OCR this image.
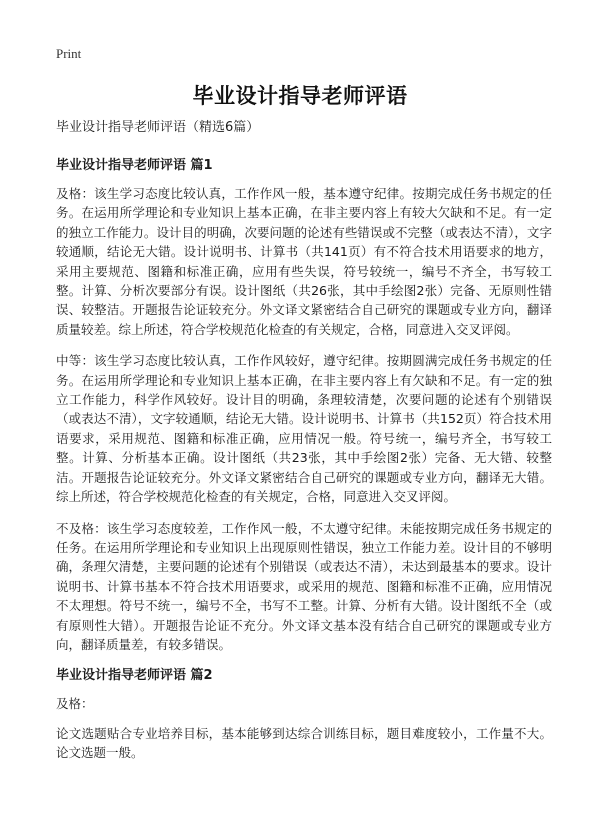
Print
毕业设计指导老师评语

毕业设计指导老师评语（精选6篇）

毕业设计指导老师评语 篇1

及格：该生学习态度比较认真，工作作风一般，基本遵守纪律。按期完成任务书规定的任务。在运用所学理论和专业知识上基本正确，在非主要内容上有较大欠缺和不足。有一定的独立工作能力。设计目的明确，次要问题的论述有些错误或不完整（或表达不清），文字较通顺，结论无大错。设计说明书、计算书（共141页）有不符合技术用语要求的地方，采用主要规范、图籍和标准正确，应用有些失误，符号较统一，编号不齐全，书写较工整。计算、分析次要部分有误。设计图纸（共26张，其中手绘图2张）完备、无原则性错误、较整洁。开题报告论证较充分。外文译文紧密结合自己研究的课题或专业方向，翻译质量较差。综上所述，符合学校规范化检查的有关规定，合格，同意进入交叉评阅。

中等：该生学习态度比较认真，工作作风较好，遵守纪律。按期圆满完成任务书规定的任务。在运用所学理论和专业知识上基本正确，在非主要内容上有欠缺和不足。有一定的独立工作能力，科学作风较好。设计目的明确，条理较清楚，次要问题的论述有个别错误（或表达不清），文字较通顺，结论无大错。设计说明书、计算书（共152页）符合技术用语要求，采用规范、图籍和标准正确，应用情况一般。符号统一，编号齐全，书写较工整。计算、分析基本正确。设计图纸（共23张，其中手绘图2张）完备、无大错、较整洁。开题报告论证较充分。外文译文紧密结合自己研究的课题或专业方向，翻译无大错。综上所述，符合学校规范化检查的有关规定，合格，同意进入交叉评阅。

不及格：该生学习态度较差，工作作风一般，不太遵守纪律。未能按期完成任务书规定的任务。在运用所学理论和专业知识上出现原则性错误，独立工作能力差。设计目的不够明确，条理欠清楚，主要问题的论述有个别错误（或表达不清），未达到最基本的要求。设计说明书、计算书基本不符合技术用语要求，或采用的规范、图籍和标准不正确，应用情况不太理想。符号不统一，编号不全，书写不工整。计算、分析有大错。设计图纸不全（或有原则性大错）。开题报告论证不充分。外文译文基本没有结合自己研究的课题或专业方向，翻译质量差，有较多错误。

毕业设计指导老师评语 篇2

及格：

论文选题贴合专业培养目标，基本能够到达综合训练目标，题目难度较小，工作量不大。论文选题一般。
